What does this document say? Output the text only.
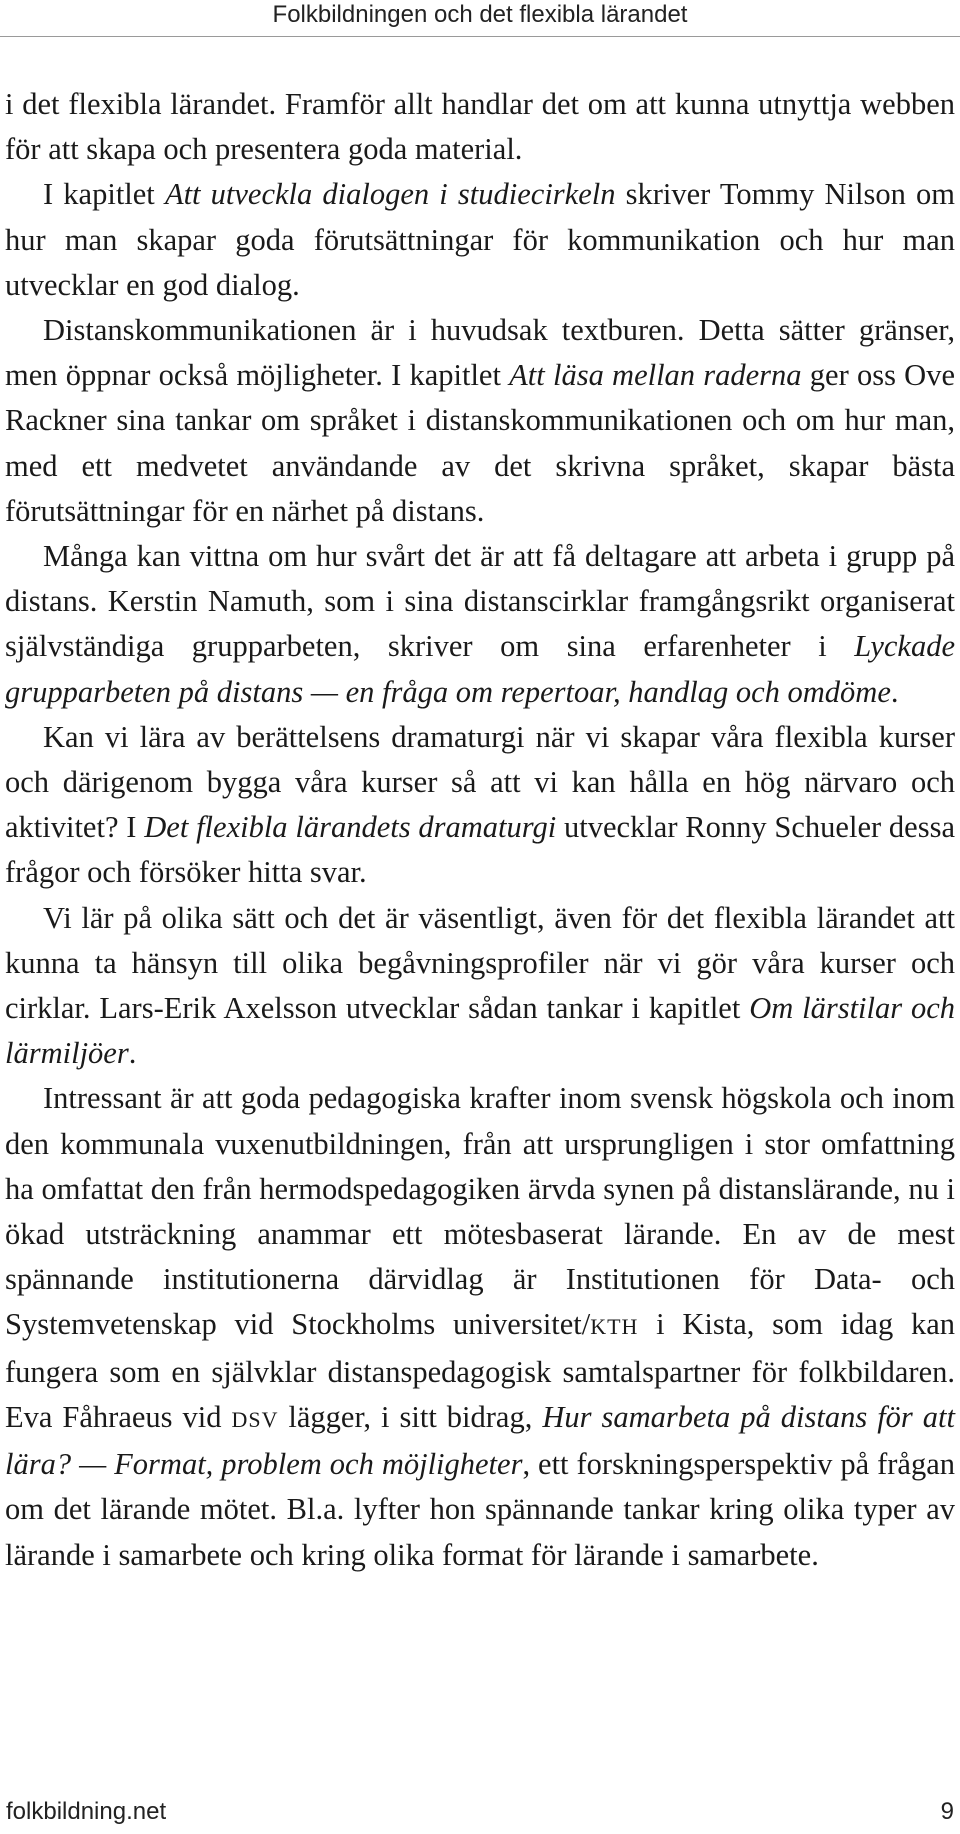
Folkbildningen och det flexibla lärandet

i det flexibla lärandet. Framför allt handlar det om att kunna utnyttja webben för att skapa och presentera goda material.

I kapitlet Att utveckla dialogen i studiecirkeln skriver Tommy Nilson om hur man skapar goda förutsättningar för kommunikation och hur man utvecklar en god dialog.

Distanskommunikationen är i huvudsak textburen. Detta sätter gränser, men öppnar också möjligheter. I kapitlet Att läsa mellan raderna ger oss Ove Rackner sina tankar om språket i distanskommunikationen och om hur man, med ett medvetet användande av det skrivna språket, skapar bästa förutsättningar för en närhet på distans.

Många kan vittna om hur svårt det är att få deltagare att arbeta i grupp på distans. Kerstin Namuth, som i sina distanscirklar framgångsrikt organiserat självständiga grupparbeten, skriver om sina erfarenheter i Lyckade grupparbeten på distans — en fråga om repertoar, handlag och omdöme.

Kan vi lära av berättelsens dramaturgi när vi skapar våra flexibla kurser och därigenom bygga våra kurser så att vi kan hålla en hög närvaro och aktivitet? I Det flexibla lärandets dramaturgi utvecklar Ronny Schueler dessa frågor och försöker hitta svar.

Vi lär på olika sätt och det är väsentligt, även för det flexibla lärandet att kunna ta hänsyn till olika begåvningsprofiler när vi gör våra kurser och cirklar. Lars-Erik Axelsson utvecklar sådan tankar i kapitlet Om lärstilar och lärmiljöer.

Intressant är att goda pedagogiska krafter inom svensk högskola och inom den kommunala vuxenutbildningen, från att ursprungligen i stor omfattning ha omfattat den från hermodspedagogiken ärvda synen på distanslärande, nu i ökad utsträckning anammar ett mötesbaserat lärande. En av de mest spännande institutionerna därvidlag är Institutionen för Data- och Systemvetenskap vid Stockholms universitet/KTH i Kista, som idag kan fungera som en självklar distanspedagogisk samtalspartner för folkbildaren. Eva Fåhraeus vid DSV lägger, i sitt bidrag, Hur samarbeta på distans för att lära? — Format, problem och möjligheter, ett forskningsperspektiv på frågan om det lärande mötet. Bl.a. lyfter hon spännande tankar kring olika typer av lärande i samarbete och kring olika format för lärande i samarbete.

folkbildning.net	9
